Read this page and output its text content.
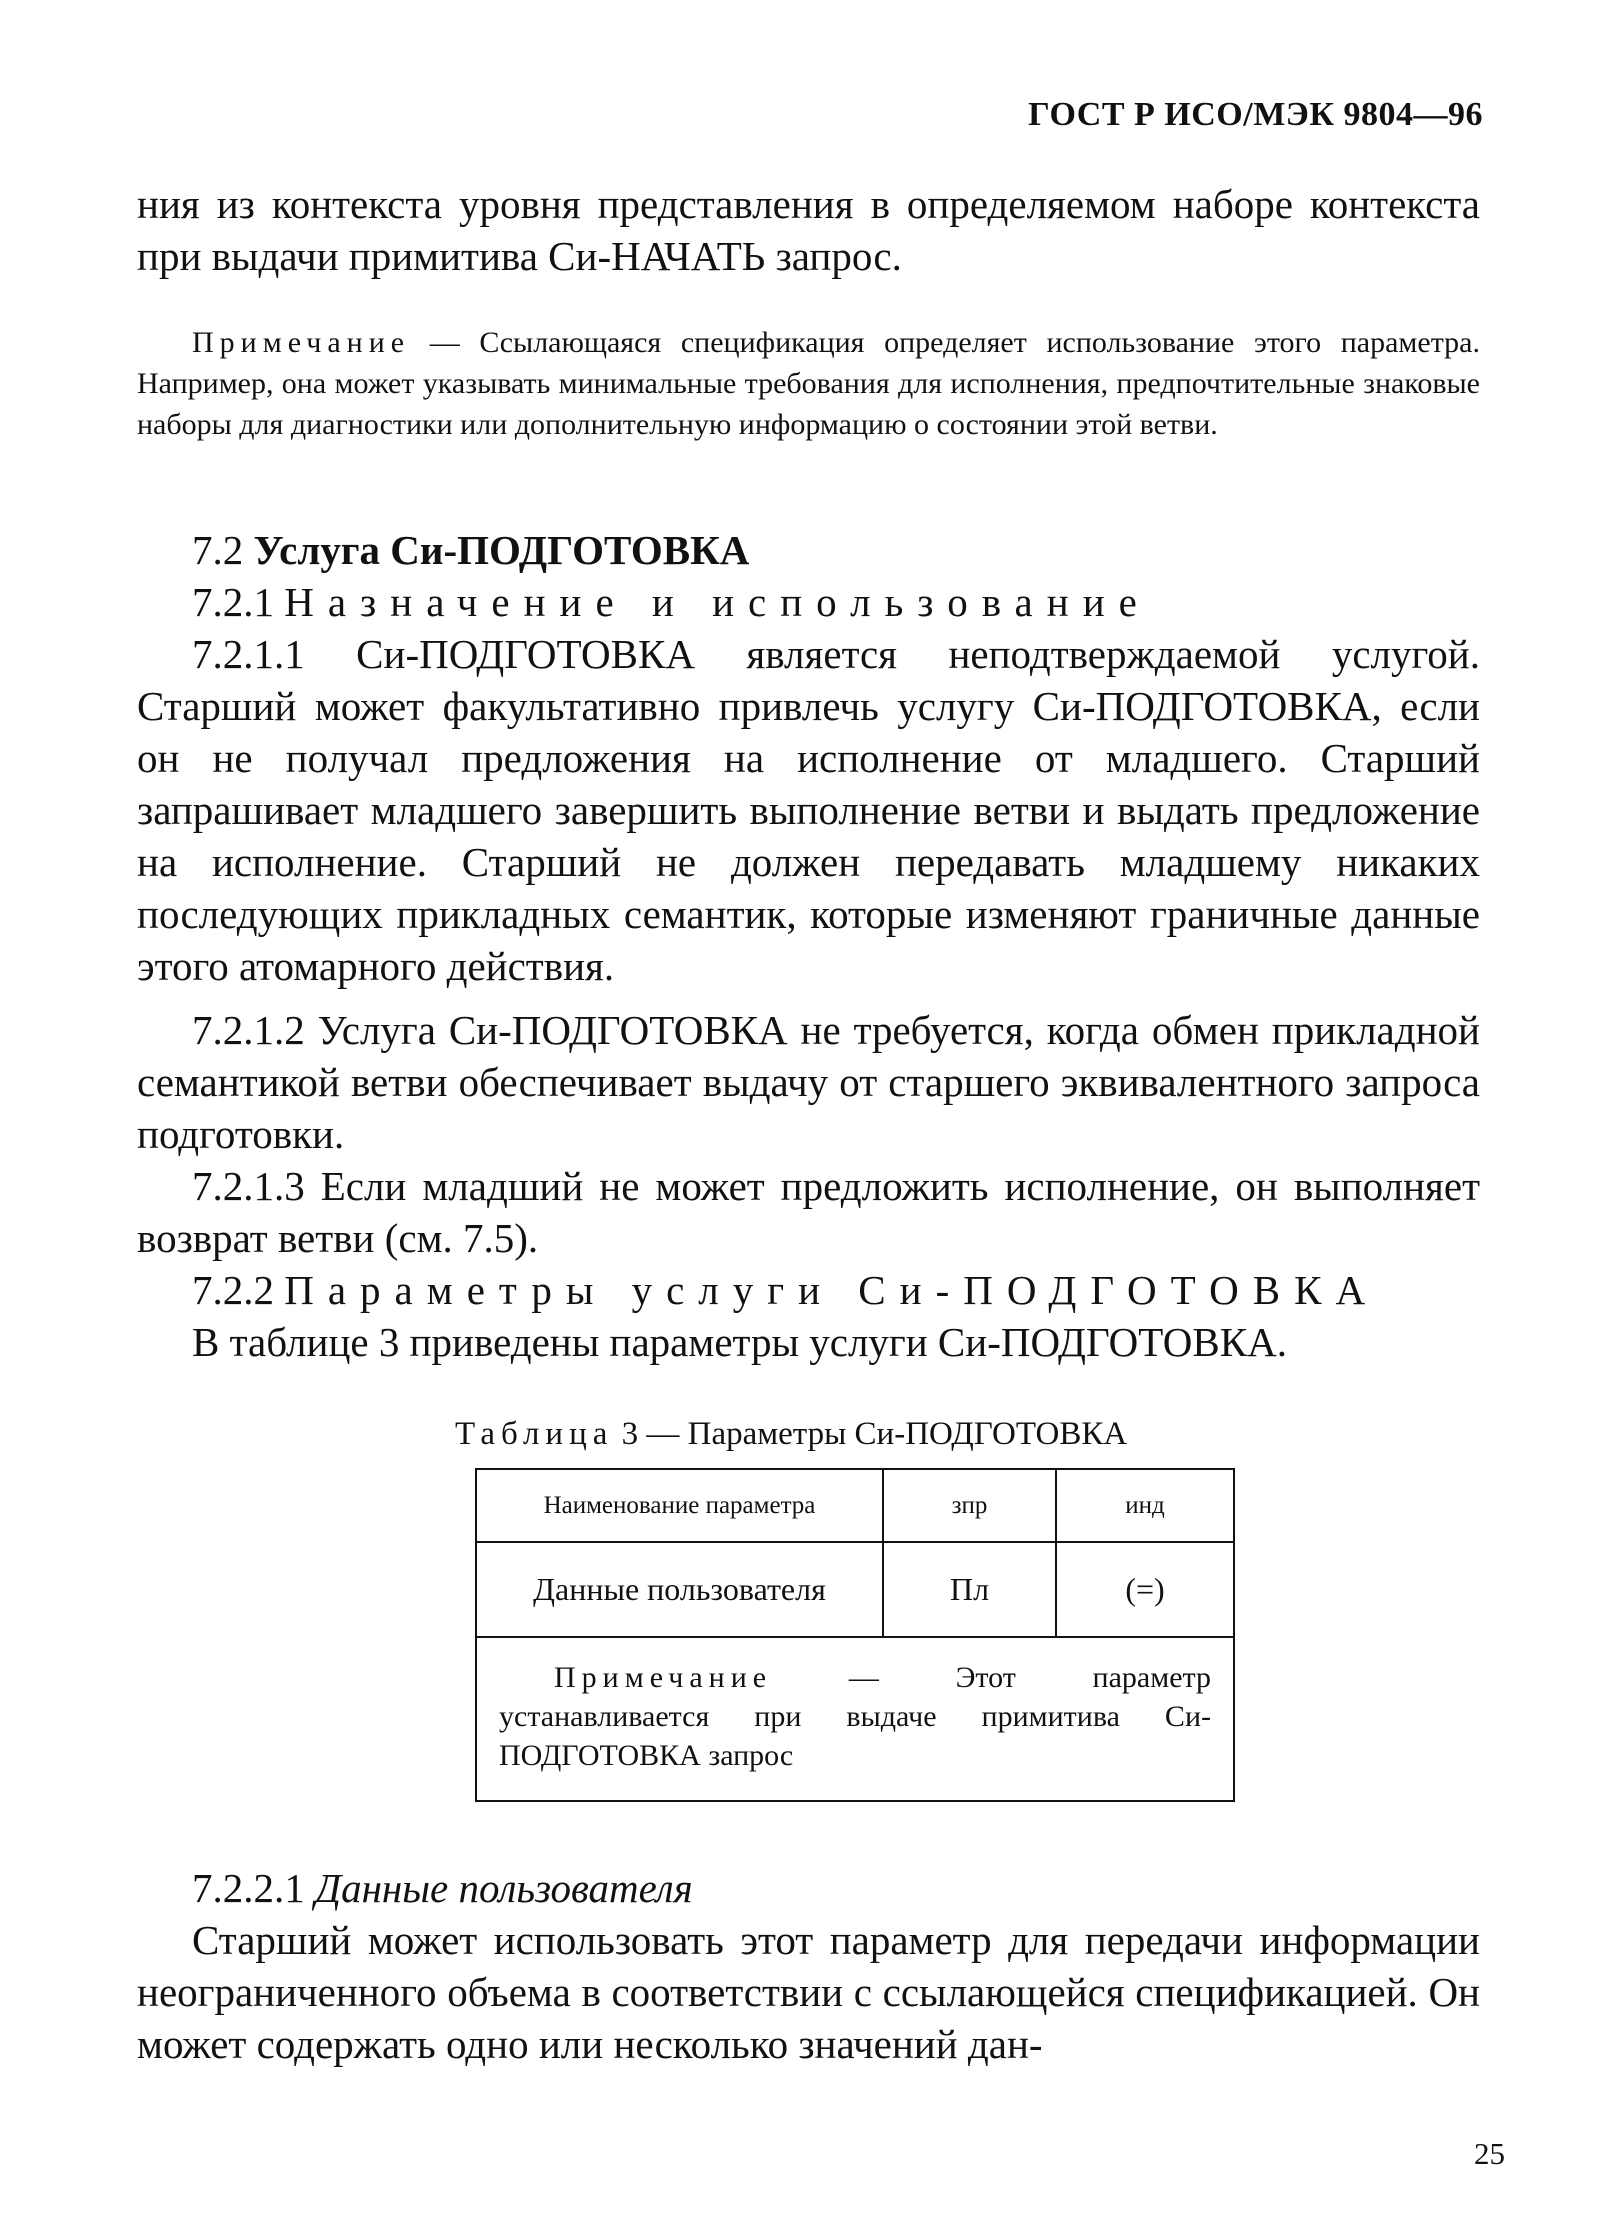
ГОСТ Р ИСО/МЭК 9804—96
ния из контекста уровня представления в определяемом наборе контекста при выдачи примитива Си-НАЧАТЬ запрос.
Примечание — Ссылающаяся спецификация определяет использование этого параметра. Например, она может указывать минимальные требования для исполнения, предпочтительные знаковые наборы для диагностики или дополнительную информацию о состоянии этой ветви.
7.2 Услуга Си-ПОДГОТОВКА
7.2.1 Назначение и использование
7.2.1.1 Си-ПОДГОТОВКА является неподтверждаемой услугой. Старший может факультативно привлечь услугу Си-ПОДГОТОВКА, если он не получал предложения на исполнение от младшего. Старший запрашивает младшего завершить выполнение ветви и выдать предложение на исполнение. Старший не должен передавать младшему никаких последующих прикладных семантик, которые изменяют граничные данные этого атомарного действия.
7.2.1.2 Услуга Си-ПОДГОТОВКА не требуется, когда обмен прикладной семантикой ветви обеспечивает выдачу от старшего эквивалентного запроса подготовки.
7.2.1.3 Если младший не может предложить исполнение, он выполняет возврат ветви (см. 7.5).
7.2.2 Параметры услуги Си-ПОДГОТОВКА
В таблице 3 приведены параметры услуги Си-ПОДГОТОВКА.
Таблица 3 — Параметры Си-ПОДГОТОВКА
Наименование параметра	зпр	инд
Данные пользователя	Пл	(=)
Примечание — Этот параметр устанавливается при выдаче примитива Си-ПОДГОТОВКА запрос
7.2.2.1 Данные пользователя
Старший может использовать этот параметр для передачи информации неограниченного объема в соответствии с ссылающейся спецификацией. Он может содержать одно или несколько значений дан-
25
